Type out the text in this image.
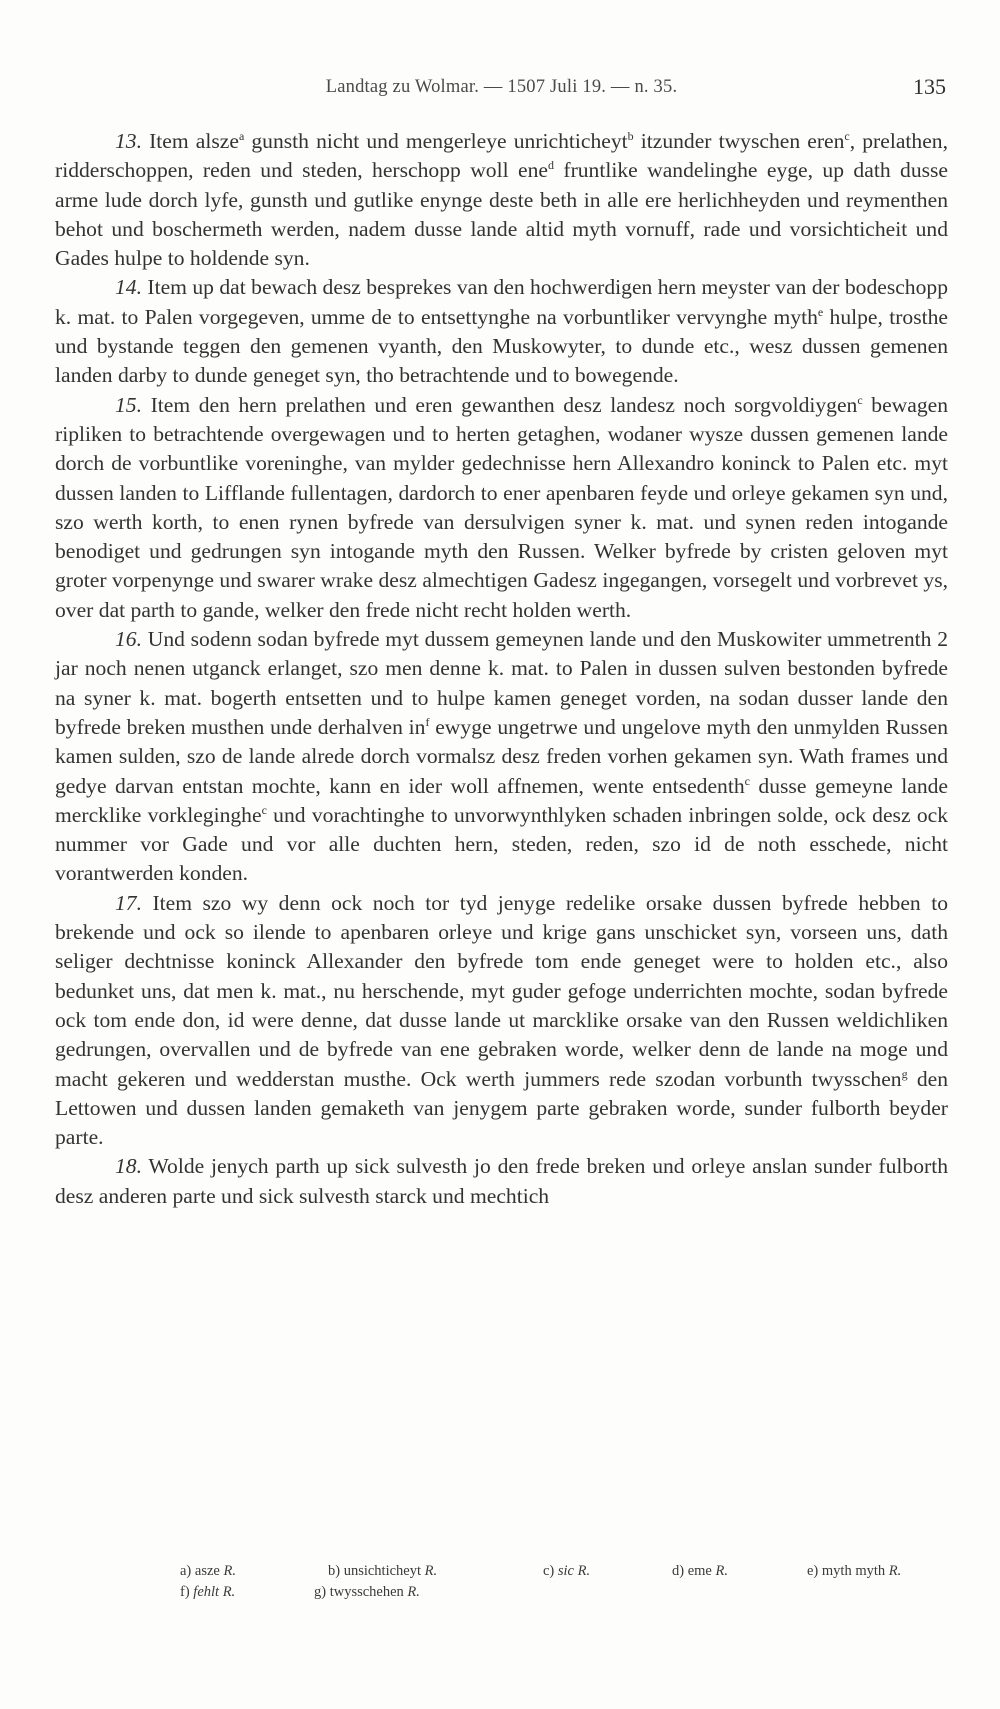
Landtag zu Wolmar. — 1507 Juli 19. — n. 35.	135

13. Item alsze$^a$ gunsth nicht und mengerleye unrichticheyt$^b$ itzunder twyschen eren$^c$, prelathen, ridderschoppen, reden und steden, herschopp woll ene$^d$ fruntlike wandelinghe eyge, up dath dusse arme lude dorch lyfe, gunsth und gutlike enynge deste beth in alle ere herlichheyden und reymenthen behot und boschermeth werden, nadem dusse lande altid myth vornuff, rade und vorsichticheit und Gades hulpe to holdende syn.

14. Item up dat bewach desz besprekes van den hochwerdigen hern meyster van der bodeschopp k. mat. to Palen vorgegeven, umme de to entsettynghe na vorbuntliker vervynghe myth$^e$ hulpe, trosthe und bystande teggen den gemenen vyanth, den Muskowyter, to dunde etc., wesz dussen gemenen landen darby to dunde geneget syn, tho betrachtende und to bowegende.

15. Item den hern prelathen und eren gewanthen desz landesz noch sorgvoldiygen$^c$ bewagen ripliken to betrachtende overgewagen und to herten getaghen, wodaner wysze dussen gemenen lande dorch de vorbuntlike voreninghe, van mylder gedechnisse hern Allexandro koninck to Palen etc. myt dussen landen to Lifflande fullentagen, dardorch to ener apenbaren feyde und orleye gekamen syn und, szo werth korth, to enen rynen byfrede van dersulvigen syner k. mat. und synen reden intogande benodiget und gedrungen syn intogande myth den Russen. Welker byfrede by cristen geloven myt groter vorpenynge und swarer wrake desz almechtigen Gadesz ingegangen, vorsegelt und vorbrevet ys, over dat parth to gande, welker den frede nicht recht holden werth.

16. Und sodenn sodan byfrede myt dussem gemeynen lande und den Muskowiter ummetrenth 2 jar noch nenen utganck erlanget, szo men denne k. mat. to Palen in dussen sulven bestonden byfrede na syner k. mat. bogerth entsetten und to hulpe kamen geneget vorden, na sodan dusser lande den byfrede breken musthen unde derhalven $in^f$ ewyge ungetrwe und ungelove myth den unmylden Russen kamen sulden, szo de lande alrede dorch vormalsz desz freden vorhen gekamen syn. Wath frames und gedye darvan entstan mochte, kann en ider woll affnemen, wente entsedenth$^c$ dusse gemeyne lande mercklike vorkleginghe$^c$ und vorachtinghe to unvorwynthlyken schaden inbringen solde, ock desz ock nummer vor Gade und vor alle duchten hern, steden, reden, szo id de noth esschede, nicht vorantwerden konden.

17. Item szo wy denn ock noch tor tyd jenyge redelike orsake dussen byfrede hebben to brekende und ock so ilende to apenbaren orleye und krige gans unschicket syn, vorseen uns, dath seliger dechtnisse koninck Allexander den byfrede tom ende geneget were to holden etc., also bedunket uns, dat men k. mat., nu herschende, myt guder gefoge underrichten mochte, sodan byfrede ock tom ende don, id were denne, dat dusse lande ut marcklike orsake van den Russen weldichliken gedrungen, overvallen und de byfrede van ene gebraken worde, welker denn de lande na moge und macht gekeren und wedderstan musthe. Ock werth jummers rede szodan vorbunth twysschen$^g$ den Lettowen und dussen landen gemaketh van jenygem parte gebraken worde, sunder fulborth beyder parte.

18. Wolde jenych parth up sick sulvesth jo den frede breken und orleye anslan sunder fulborth desz anderen parte und sick sulvesth starck und mechtich

a) asze R.	b) unsichticheyt R.	c) sic R.	d) eme R.	e) myth myth R.
f) fehlt R.	g) twysschehen R.
